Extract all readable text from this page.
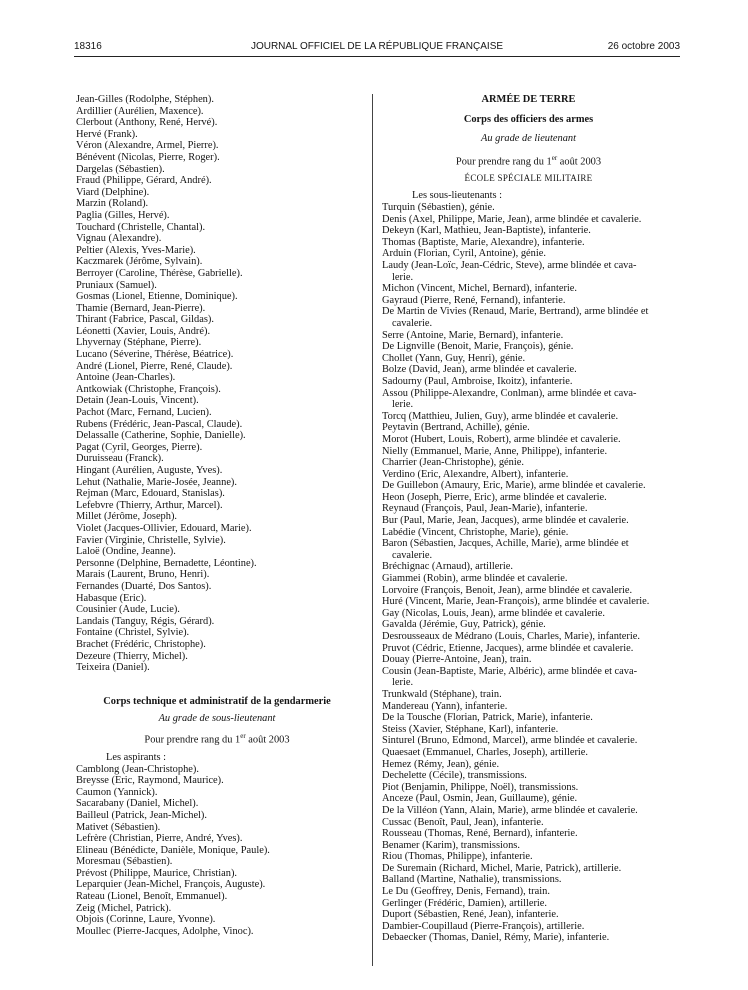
18316	JOURNAL OFFICIEL DE LA RÉPUBLIQUE FRANÇAISE	26 octobre 2003
Jean-Gilles (Rodolphe, Stéphen).
Ardillier (Aurélien, Maxence).
Clerbout (Anthony, René, Hervé).
Hervé (Frank).
Véron (Alexandre, Armel, Pierre).
Bénévent (Nicolas, Pierre, Roger).
Dargelas (Sébastien).
Fraud (Philippe, Gérard, André).
Viard (Delphine).
Marzin (Roland).
Paglia (Gilles, Hervé).
Touchard (Christelle, Chantal).
Vignau (Alexandre).
Peltier (Alexis, Yves-Marie).
Kaczmarek (Jérôme, Sylvain).
Berroyer (Caroline, Thérèse, Gabrielle).
Pruniaux (Samuel).
Gosmas (Lionel, Etienne, Dominique).
Thamie (Bernard, Jean-Pierre).
Thirant (Fabrice, Pascal, Gildas).
Léonetti (Xavier, Louis, André).
Lhyvernay (Stéphane, Pierre).
Lucano (Séverine, Thérèse, Béatrice).
André (Lionel, Pierre, René, Claude).
Antoine (Jean-Charles).
Antkowiak (Christophe, François).
Detain (Jean-Louis, Vincent).
Pachot (Marc, Fernand, Lucien).
Rubens (Frédéric, Jean-Pascal, Claude).
Delassalle (Catherine, Sophie, Danielle).
Pagat (Cyril, Georges, Pierre).
Duruisseau (Franck).
Hingant (Aurélien, Auguste, Yves).
Lehut (Nathalie, Marie-Josée, Jeanne).
Rejman (Marc, Edouard, Stanislas).
Lefebvre (Thierry, Arthur, Marcel).
Millet (Jérôme, Joseph).
Violet (Jacques-Ollivier, Edouard, Marie).
Favier (Virginie, Christelle, Sylvie).
Laloë (Ondine, Jeanne).
Personne (Delphine, Bernadette, Léontine).
Marais (Laurent, Bruno, Henri).
Fernandes (Duarté, Dos Santos).
Habasque (Eric).
Cousinier (Aude, Lucie).
Landais (Tanguy, Régis, Gérard).
Fontaine (Christel, Sylvie).
Brachet (Frédéric, Christophe).
Dezeure (Thierry, Michel).
Teixeira (Daniel).
Corps technique et administratif de la gendarmerie
Au grade de sous-lieutenant
Pour prendre rang du 1er août 2003
Les aspirants :
Camblong (Jean-Christophe).
Breysse (Eric, Raymond, Maurice).
Caumon (Yannick).
Sacarabany (Daniel, Michel).
Bailleul (Patrick, Jean-Michel).
Mativet (Sébastien).
Lefrère (Christian, Pierre, André, Yves).
Elineau (Bénédicte, Danièle, Monique, Paule).
Moresmau (Sébastien).
Prévost (Philippe, Maurice, Christian).
Leparquier (Jean-Michel, François, Auguste).
Rateau (Lionel, Benoît, Emmanuel).
Zeig (Michel, Patrick).
Objois (Corinne, Laure, Yvonne).
Moullec (Pierre-Jacques, Adolphe, Vinoc).
ARMÉE DE TERRE
Corps des officiers des armes
Au grade de lieutenant
Pour prendre rang du 1er août 2003
ÉCOLE SPÉCIALE MILITAIRE
Les sous-lieutenants :
Turquin (Sébastien), génie.
Denis (Axel, Philippe, Marie, Jean), arme blindée et cavalerie.
Dekeyn (Karl, Mathieu, Jean-Baptiste), infanterie.
Thomas (Baptiste, Marie, Alexandre), infanterie.
Arduin (Florian, Cyril, Antoine), génie.
Laudy (Jean-Loïc, Jean-Cédric, Steve), arme blindée et cava-
lerie.
Michon (Vincent, Michel, Bernard), infanterie.
Gayraud (Pierre, René, Fernand), infanterie.
De Martin de Vivies (Renaud, Marie, Bertrand), arme blindée et
cavalerie.
Serre (Antoine, Marie, Bernard), infanterie.
De Lignville (Benoit, Marie, François), génie.
Chollet (Yann, Guy, Henri), génie.
Bolze (David, Jean), arme blindée et cavalerie.
Sadourny (Paul, Ambroise, Ikoitz), infanterie.
Assou (Philippe-Alexandre, Conlman), arme blindée et cava-
lerie.
Torcq (Matthieu, Julien, Guy), arme blindée et cavalerie.
Peytavin (Bertrand, Achille), génie.
Morot (Hubert, Louis, Robert), arme blindée et cavalerie.
Nielly (Emmanuel, Marie, Anne, Philippe), infanterie.
Charrier (Jean-Christophe), génie.
Verdino (Eric, Alexandre, Albert), infanterie.
De Guillebon (Amaury, Eric, Marie), arme blindée et cavalerie.
Heon (Joseph, Pierre, Eric), arme blindée et cavalerie.
Reynaud (François, Paul, Jean-Marie), infanterie.
Bur (Paul, Marie, Jean, Jacques), arme blindée et cavalerie.
Labédie (Vincent, Christophe, Marie), génie.
Baron (Sébastien, Jacques, Achille, Marie), arme blindée et
cavalerie.
Bréchignac (Arnaud), artillerie.
Giammei (Robin), arme blindée et cavalerie.
Lorvoire (François, Benoit, Jean), arme blindée et cavalerie.
Huré (Vincent, Marie, Jean-François), arme blindée et cavalerie.
Gay (Nicolas, Louis, Jean), arme blindée et cavalerie.
Gavalda (Jérémie, Guy, Patrick), génie.
Desrousseaux de Médrano (Louis, Charles, Marie), infanterie.
Pruvot (Cédric, Etienne, Jacques), arme blindée et cavalerie.
Douay (Pierre-Antoine, Jean), train.
Cousin (Jean-Baptiste, Marie, Albéric), arme blindée et cava-
lerie.
Trunkwald (Stéphane), train.
Mandereau (Yann), infanterie.
De la Tousche (Florian, Patrick, Marie), infanterie.
Steiss (Xavier, Stéphane, Karl), infanterie.
Sinturel (Bruno, Edmond, Marcel), arme blindée et cavalerie.
Quaesaet (Emmanuel, Charles, Joseph), artillerie.
Hemez (Rémy, Jean), génie.
Dechelette (Cécile), transmissions.
Piot (Benjamin, Philippe, Noël), transmissions.
Anceze (Paul, Osmin, Jean, Guillaume), génie.
De la Villéon (Yann, Alain, Marie), arme blindée et cavalerie.
Cussac (Benoît, Paul, Jean), infanterie.
Rousseau (Thomas, René, Bernard), infanterie.
Benamer (Karim), transmissions.
Riou (Thomas, Philippe), infanterie.
De Suremain (Richard, Michel, Marie, Patrick), artillerie.
Balland (Martine, Nathalie), transmissions.
Le Du (Geoffrey, Denis, Fernand), train.
Gerlinger (Frédéric, Damien), artillerie.
Duport (Sébastien, René, Jean), infanterie.
Dambier-Coupillaud (Pierre-François), artillerie.
Debaecker (Thomas, Daniel, Rémy, Marie), infanterie.
